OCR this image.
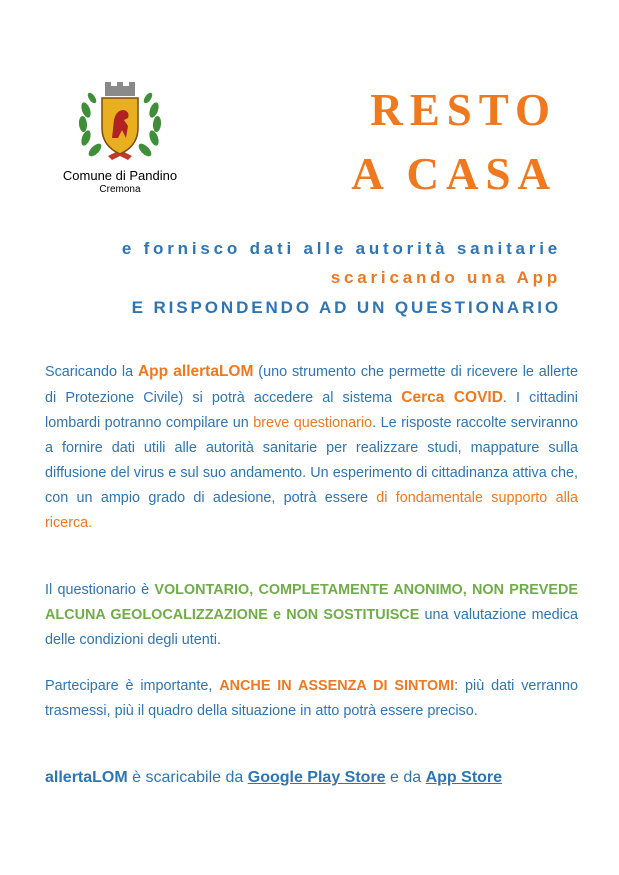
Comune di Pandino
Cremona
RESTO
A CASA
e fornisco dati alle autorità sanitarie
scaricando una App
E RISPONDENDO AD UN QUESTIONARIO
Scaricando la App allertaLOM (uno strumento che permette di ricevere le allerte di Protezione Civile) si potrà accedere al sistema Cerca COVID. I cittadini lombardi potranno compilare un breve questionario. Le risposte raccolte serviranno a fornire dati utili alle autorità sanitarie per realizzare studi, mappature sulla diffusione del virus e sul suo andamento. Un esperimento di cittadinanza attiva che, con un ampio grado di adesione, potrà essere di fondamentale supporto alla ricerca.
Il questionario è VOLONTARIO, COMPLETAMENTE ANONIMO, NON PREVEDE ALCUNA GEOLOCALIZZAZIONE e NON SOSTITUISCE una valutazione medica delle condizioni degli utenti.
Partecipare è importante, ANCHE IN ASSENZA DI SINTOMI: più dati verranno trasmessi, più il quadro della situazione in atto potrà essere preciso.
allertaLOM è scaricabile da Google Play Store e da App Store
